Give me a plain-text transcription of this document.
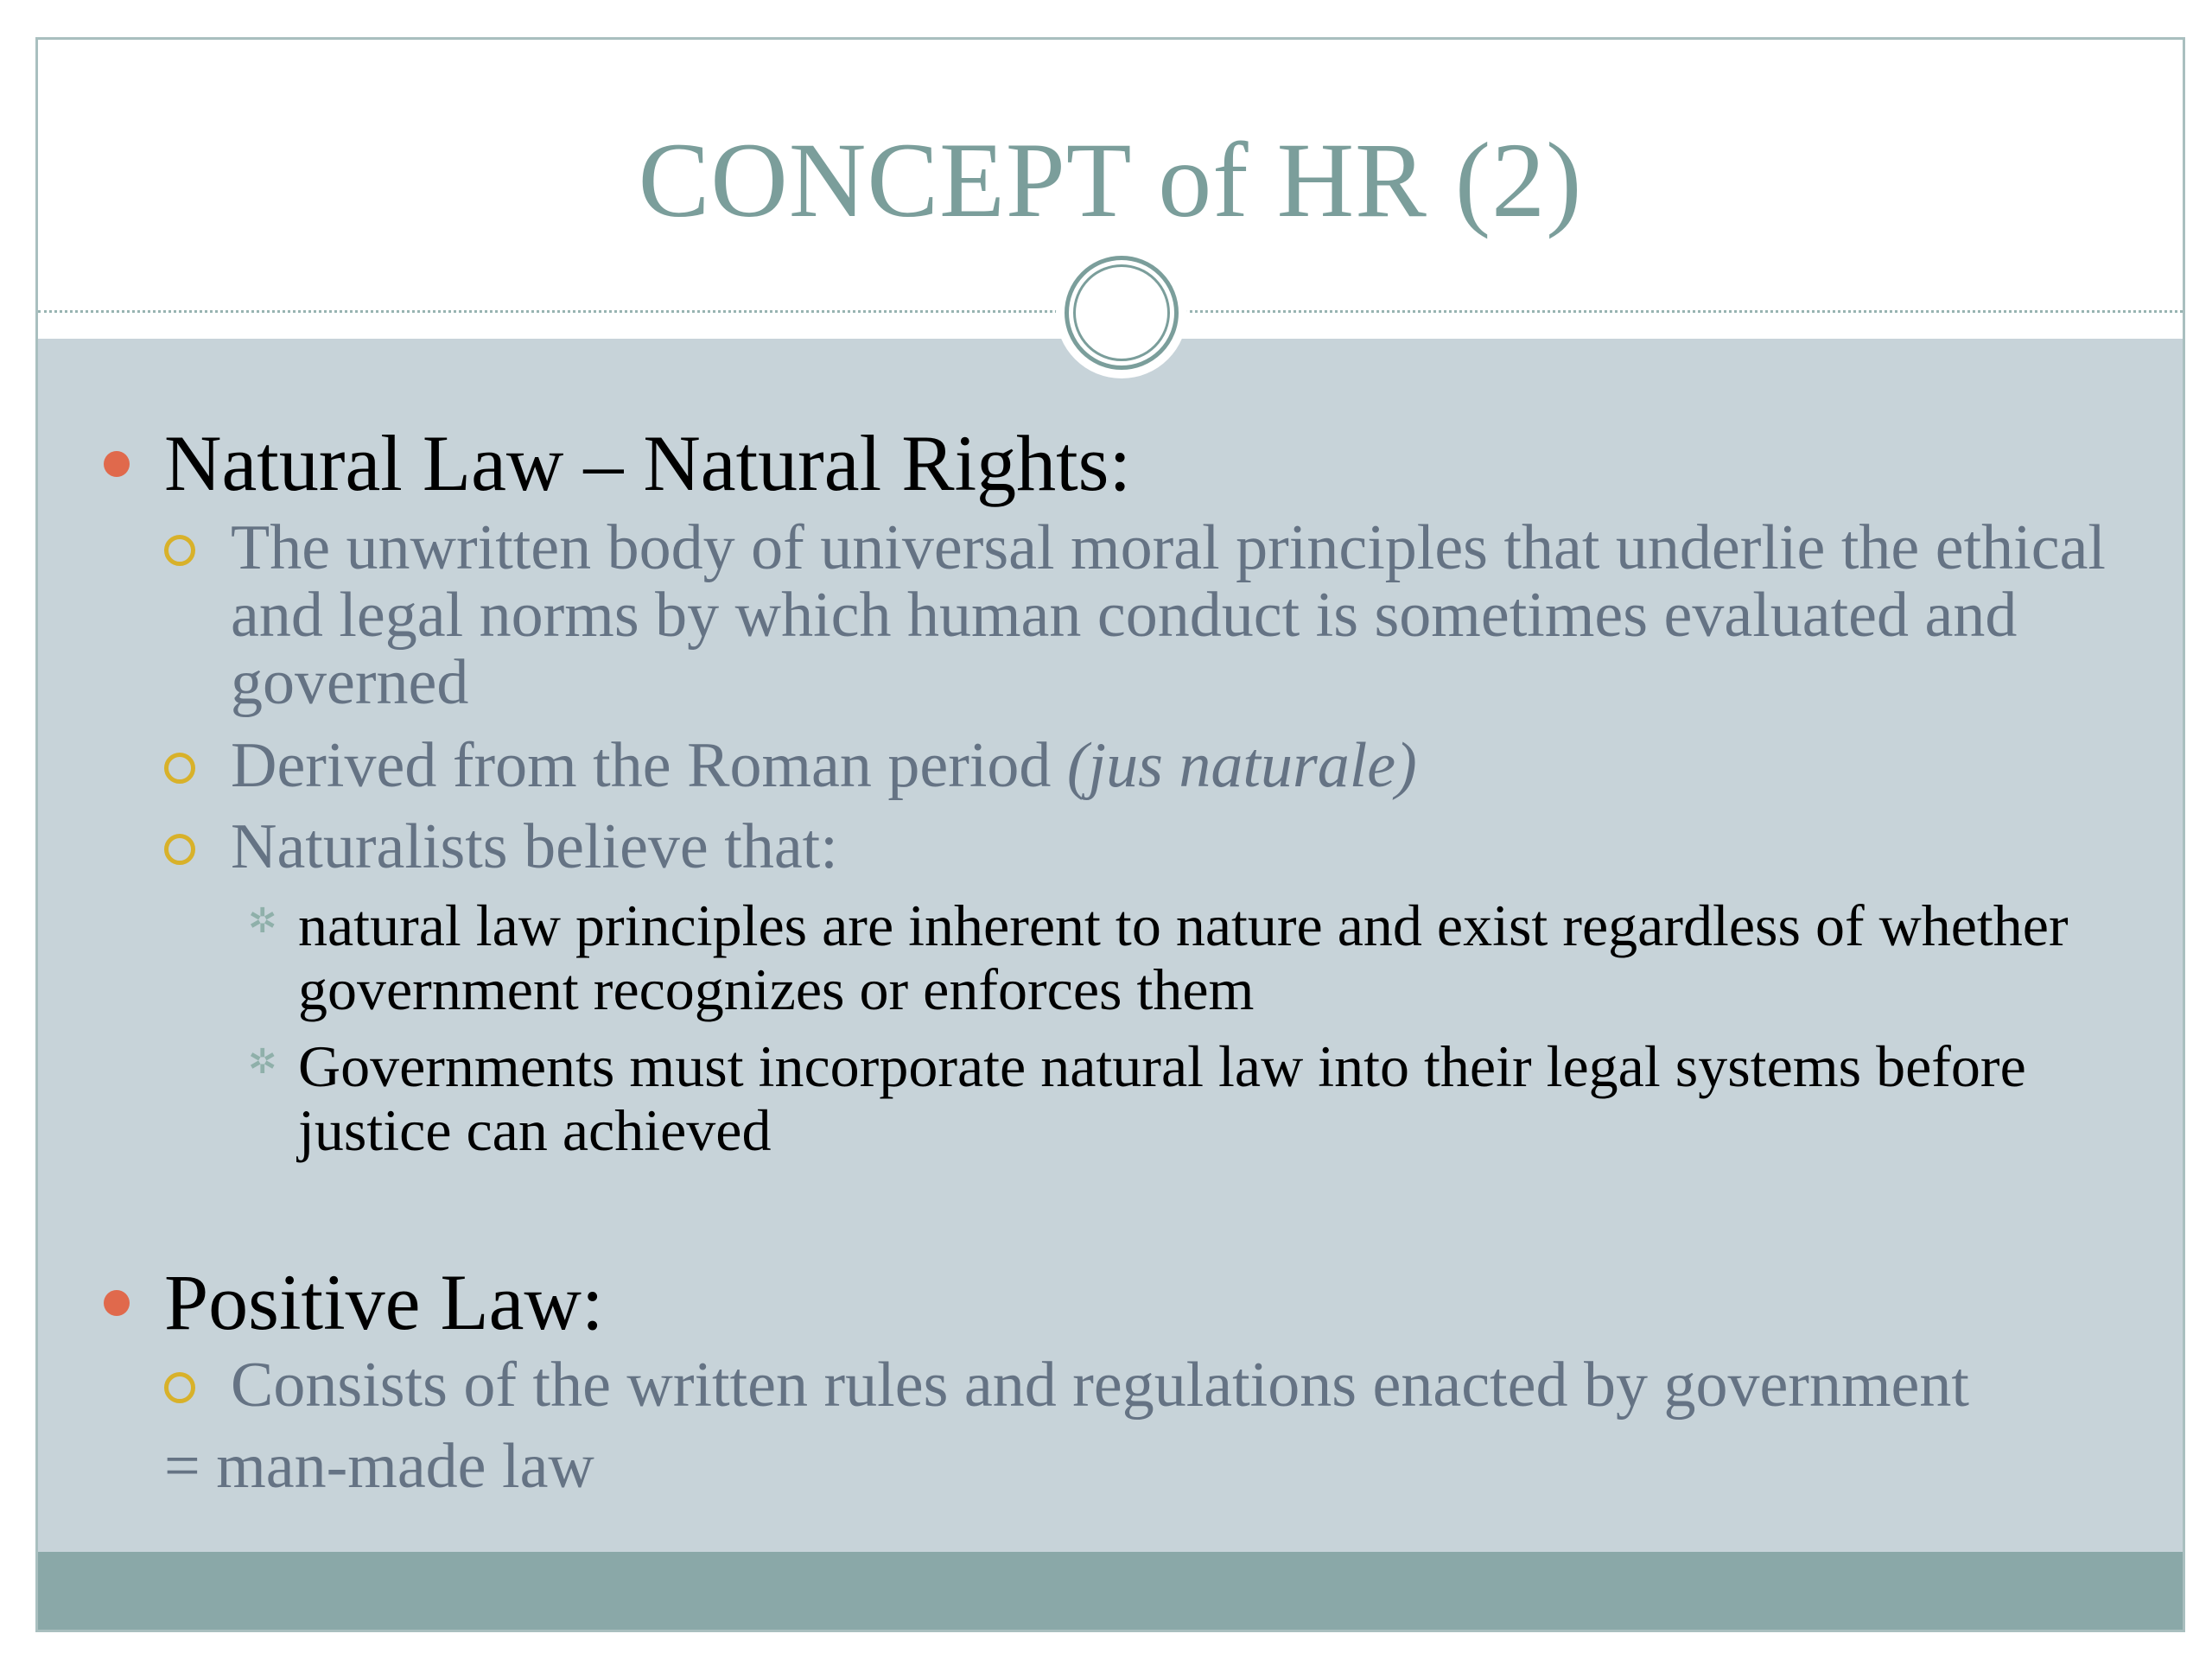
CONCEPT of HR (2)
Natural Law – Natural Rights:
The unwritten body of universal moral principles that underlie the ethical and legal norms by which human conduct is sometimes evaluated and governed
Derived from the Roman period (jus naturale)
Naturalists believe that:
✲ natural law principles are inherent to nature and exist regardless of whether government recognizes or enforces them
✲ Governments must incorporate natural law into their legal systems before justice can achieved
Positive Law:
Consists of the written rules and regulations enacted by government
= man-made law
